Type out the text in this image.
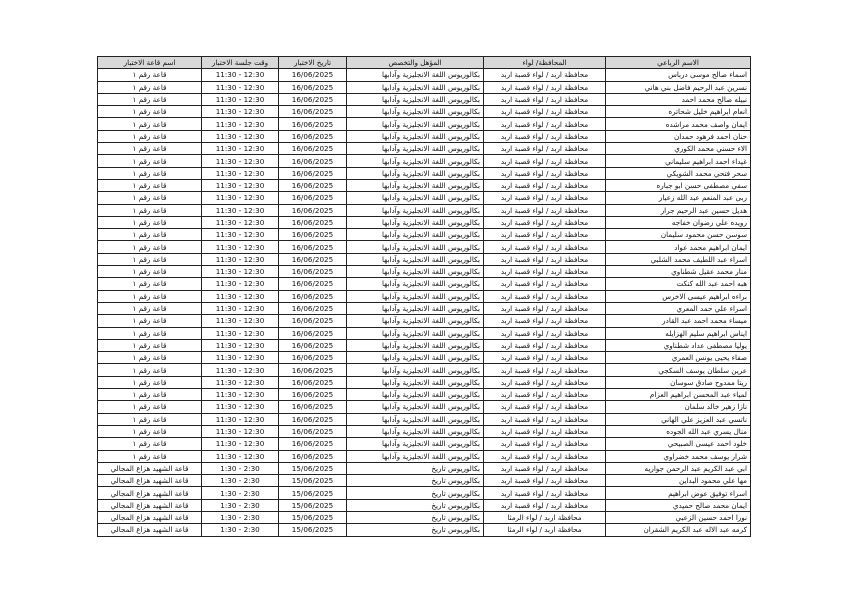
الاسم الرباعي	المحافظة/ لواء	المؤهل والتخصص	تاريخ الاختبار	وقت جلسة الاختبار	اسم قاعة الاختبار
اسماء صالح موسى درباس	محافظة اربد / لواء قصبة اربد	بكالوريوس اللغة الانجليزية وآدابها	16/06/2025	11:30 - 12:30	قاعة رقم ١
نسرين عبد الرحيم فاضل بني هاني	محافظة اربد / لواء قصبة اربد	بكالوريوس اللغة الانجليزية وآدابها	16/06/2025	11:30 - 12:30	قاعة رقم ١
نبيله صالح محمد احمد	محافظة اربد / لواء قصبة اربد	بكالوريوس اللغة الانجليزية وآدابها	16/06/2025	11:30 - 12:30	قاعة رقم ١
انعام ابراهيم خليل شحاتره	محافظة اربد / لواء قصبة اربد	بكالوريوس اللغة الانجليزية وآدابها	16/06/2025	11:30 - 12:30	قاعة رقم ١
ايمان واصف محمد مراشده	محافظة اربد / لواء قصبة اربد	بكالوريوس اللغة الانجليزية وآدابها	16/06/2025	11:30 - 12:30	قاعة رقم ١
حنان احمد فرهود حمدان	محافظة اربد / لواء قصبة اربد	بكالوريوس اللغة الانجليزية وآدابها	16/06/2025	11:30 - 12:30	قاعة رقم ١
الاء حسني محمد الكوري	محافظة اربد / لواء قصبة اربد	بكالوريوس اللغة الانجليزية وآدابها	16/06/2025	11:30 - 12:30	قاعة رقم ١
غيداء احمد ابراهيم سليماني	محافظة اربد / لواء قصبة اربد	بكالوريوس اللغة الانجليزية وآدابها	16/06/2025	11:30 - 12:30	قاعة رقم ١
سحر فتحي محمد الشويكي	محافظة اربد / لواء قصبة اربد	بكالوريوس اللغة الانجليزية وآدابها	16/06/2025	11:30 - 12:30	قاعة رقم ١
سفي مصطفى حسن ابو جباره	محافظة اربد / لواء قصبة اربد	بكالوريوس اللغة الانجليزية وآدابها	16/06/2025	11:30 - 12:30	قاعة رقم ١
ربى عبد المنعم عبد الله زعيار	محافظة اربد / لواء قصبة اربد	بكالوريوس اللغة الانجليزية وآدابها	16/06/2025	11:30 - 12:30	قاعة رقم ١
هديل حسين عبد الرحيم جرار	محافظة اربد / لواء قصبة اربد	بكالوريوس اللغة الانجليزية وآدابها	16/06/2025	11:30 - 12:30	قاعة رقم ١
رويده علي رضوان خفاجه	محافظة اربد / لواء قصبة اربد	بكالوريوس اللغة الانجليزية وآدابها	16/06/2025	11:30 - 12:30	قاعة رقم ١
سوسن حسن محمود سليمان	محافظة اربد / لواء قصبة اربد	بكالوريوس اللغة الانجليزية وآدابها	16/06/2025	11:30 - 12:30	قاعة رقم ١
ايمان ابراهيم محمد عواد	محافظة اربد / لواء قصبة اربد	بكالوريوس اللغة الانجليزية وآدابها	16/06/2025	11:30 - 12:30	قاعة رقم ١
اسراء عبد اللطيف محمد الشلبي	محافظة اربد / لواء قصبة اربد	بكالوريوس اللغة الانجليزية وآدابها	16/06/2025	11:30 - 12:30	قاعة رقم ١
منار محمد عقيل شطناوي	محافظة اربد / لواء قصبة اربد	بكالوريوس اللغة الانجليزية وآدابها	16/06/2025	11:30 - 12:30	قاعة رقم ١
هبه احمد عبد الله كنكت	محافظة اربد / لواء قصبة اربد	بكالوريوس اللغة الانجليزية وآدابها	16/06/2025	11:30 - 12:30	قاعة رقم ١
براءه ابراهيم عيسى الاخرس	محافظة اربد / لواء قصبة اربد	بكالوريوس اللغة الانجليزية وآدابها	16/06/2025	11:30 - 12:30	قاعة رقم ١
اسراء علي حمد المعري	محافظة اربد / لواء قصبة اربد	بكالوريوس اللغة الانجليزية وآدابها	16/06/2025	11:30 - 12:30	قاعة رقم ١
ميساء محمد احمد عبد القادر	محافظة اربد / لواء قصبة اربد	بكالوريوس اللغة الانجليزية وآدابها	16/06/2025	11:30 - 12:30	قاعة رقم ١
ايناس ابراهيم سليم الهزايله	محافظة اربد / لواء قصبة اربد	بكالوريوس اللغة الانجليزية وآدابها	16/06/2025	11:30 - 12:30	قاعة رقم ١
يوليا مصطفى عداد شطناوي	محافظة اربد / لواء قصبة اربد	بكالوريوس اللغة الانجليزية وآدابها	16/06/2025	11:30 - 12:30	قاعة رقم ١
صفاء يحيى يونس العمري	محافظة اربد / لواء قصبة اربد	بكالوريوس اللغة الانجليزية وآدابها	16/06/2025	11:30 - 12:30	قاعة رقم ١
عرين سلطان يوسف السكجي	محافظة اربد / لواء قصبة اربد	بكالوريوس اللغة الانجليزية وآدابها	16/06/2025	11:30 - 12:30	قاعة رقم ١
ريتا ممدوح صادق سوسان	محافظة اربد / لواء قصبة اربد	بكالوريوس اللغة الانجليزية وآدابها	16/06/2025	11:30 - 12:30	قاعة رقم ١
لمياء عبد المحسن ابراهيم العزام	محافظة اربد / لواء قصبة اربد	بكالوريوس اللغة الانجليزية وآدابها	16/06/2025	11:30 - 12:30	قاعة رقم ١
نازا زهير خالد سلمان	محافظة اربد / لواء قصبة اربد	بكالوريوس اللغة الانجليزية وآدابها	16/06/2025	11:30 - 12:30	قاعة رقم ١
ناتسي عبد العزيز علي الهاني	محافظة اربد / لواء قصبة اربد	بكالوريوس اللغة الانجليزية وآدابها	16/06/2025	11:30 - 12:30	قاعة رقم ١
منال يسري عبد الله الجوده	محافظة اربد / لواء قصبة اربد	بكالوريوس اللغة الانجليزية وآدابها	16/06/2025	11:30 - 12:30	قاعة رقم ١
خلود احمد عيسى الصبيحي	محافظة اربد / لواء قصبة اربد	بكالوريوس اللغة الانجليزية وآدابها	16/06/2025	11:30 - 12:30	قاعة رقم ١
شرار يوسف محمد خضراوي	محافظة اربد / لواء قصبة اربد	بكالوريوس اللغة الانجليزية وآدابها	16/06/2025	11:30 - 12:30	قاعة رقم ١
ابي عبد الكريم عبد الرحمن جواريه	محافظة اربد / لواء قصبة اربد	بكالوريوس تاريخ	15/06/2025	1:30 - 2:30	قاعة الشهيد هزاع المجالي
مها علي محمود البداين	محافظة اربد / لواء قصبة اربد	بكالوريوس تاريخ	15/06/2025	1:30 - 2:30	قاعة الشهيد هزاع المجالي
اسراء توفيق عوض ابراهيم	محافظة اربد / لواء قصبة اربد	بكالوريوس تاريخ	15/06/2025	1:30 - 2:30	قاعة الشهيد هزاع المجالي
ايمان محمد صالح حميدي	محافظة اربد / لواء قصبة اربد	بكالوريوس تاريخ	15/06/2025	1:30 - 2:30	قاعة الشهيد هزاع المجالي
نورا احمد حسين الزعبي	محافظة اربد / لواء الرمثا	بكالوريوس تاريخ	15/06/2025	1:30 - 2:30	قاعة الشهيد هزاع المجالي
كرمه عبد الاله عبد الكريم الشقران	محافظة اربد / لواء الرمثا	بكالوريوس تاريخ	15/06/2025	1:30 - 2:30	قاعة الشهيد هزاع المجالي
